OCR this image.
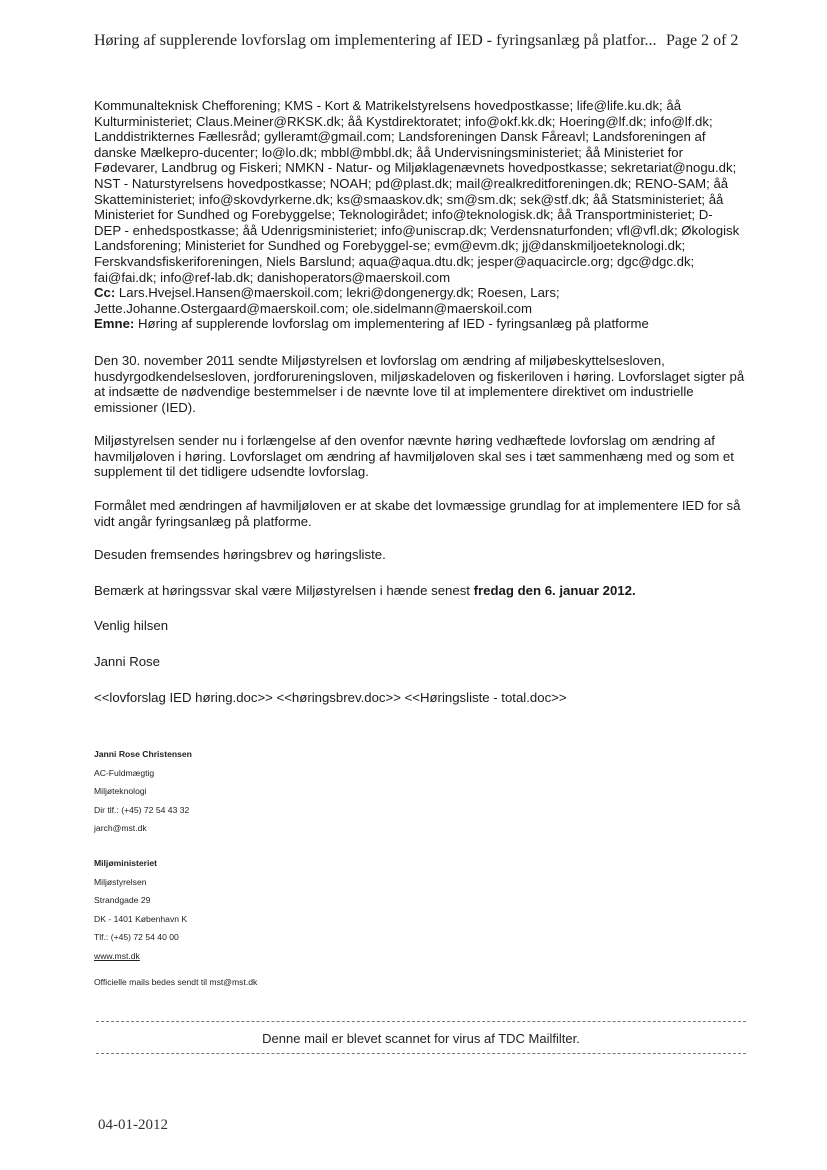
Høring af supplerende lovforslag om implementering af IED - fyringsanlæg på platfor... Page 2 of 2

Kommunalteknisk Chefforening; KMS - Kort & Matrikelstyrelsens hovedpostkasse; life@life.ku.dk; åå

Kulturministeriet; Claus.Meiner@RKSK.dk; åå Kystdirektoratet; info@okf.kk.dk; Hoering@lf.dk; info@lf.dk;

Landdistrikternes Fællesråd; gylleramt@gmail.com; Landsforeningen Dansk Fåreavl; Landsforeningen af

danske Mælkepro-ducenter; lo@lo.dk; mbbl@mbbl.dk; åå Undervisningsministeriet; åå Ministeriet for

Fødevarer, Landbrug og Fiskeri; NMKN - Natur- og Miljøklagenævnets hovedpostkasse; sekretariat@nogu.dk;

NST - Naturstyrelsens hovedpostkasse; NOAH; pd@plast.dk; mail@realkreditforeningen.dk; RENO-SAM; åå

Skatteministeriet; info@skovdyrkerne.dk; ks@smaaskov.dk; sm@sm.dk; sek@stf.dk; åå Statsministeriet; åå

Ministeriet for Sundhed og Forebyggelse; Teknologirådet; info@teknologisk.dk; åå Transportministeriet; D-

DEP - enhedspostkasse; åå Udenrigsministeriet; info@uniscrap.dk; Verdensnaturfonden; vfl@vfl.dk; Økologisk

Landsforening; Ministeriet for Sundhed og Forebyggel-se; evm@evm.dk; jj@danskmiljoeteknologi.dk;

Ferskvandsfiskeriforeningen, Niels Barslund; aqua@aqua.dtu.dk; jesper@aquacircle.org; dgc@dgc.dk;

fai@fai.dk; info@ref-lab.dk; danishoperators@maerskoil.com

Cc: Lars.Hvejsel.Hansen@maerskoil.com; lekri@dongenergy.dk; Roesen, Lars;

Jette.Johanne.Ostergaard@maerskoil.com; ole.sidelmann@maerskoil.com

Emne: Høring af supplerende lovforslag om implementering af IED - fyringsanlæg på platforme

Den 30. november 2011 sendte Miljøstyrelsen et lovforslag om ændring af miljøbeskyttelsesloven, husdyrgodkendelsesloven, jordforureningsloven, miljøskadeloven og fiskeriloven i høring. Lovforslaget sigter på at indsætte de nødvendige bestemmelser i de nævnte love til at implementere direktivet om industrielle emissioner (IED).

Miljøstyrelsen sender nu i forlængelse af den ovenfor nævnte høring vedhæftede lovforslag om ændring af havmiljøloven i høring. Lovforslaget om ændring af havmiljøloven skal ses i tæt sammenhæng med og som et supplement til det tidligere udsendte lovforslag.

Formålet med ændringen af havmiljøloven er at skabe det lovmæssige grundlag for at implementere IED for så vidt angår fyringsanlæg på platforme.

Desuden fremsendes høringsbrev og høringsliste.

Bemærk at høringssvar skal være Miljøstyrelsen i hænde senest fredag den 6. januar 2012.

Venlig hilsen

Janni Rose

<<lovforslag IED høring.doc>> <<høringsbrev.doc>> <<Høringsliste - total.doc>>

Janni Rose Christensen
AC-Fuldmægtig
Miljøteknologi
Dir tlf.: (+45) 72 54 43 32
jarch@mst.dk
Miljøministeriet
Miljøstyrelsen
Strandgade 29
DK - 1401 København K
Tlf.: (+45) 72 54 40 00
www.mst.dk
Officielle mails bedes sendt til mst@mst.dk
Denne mail er blevet scannet for virus af TDC Mailfilter.
04-01-2012
